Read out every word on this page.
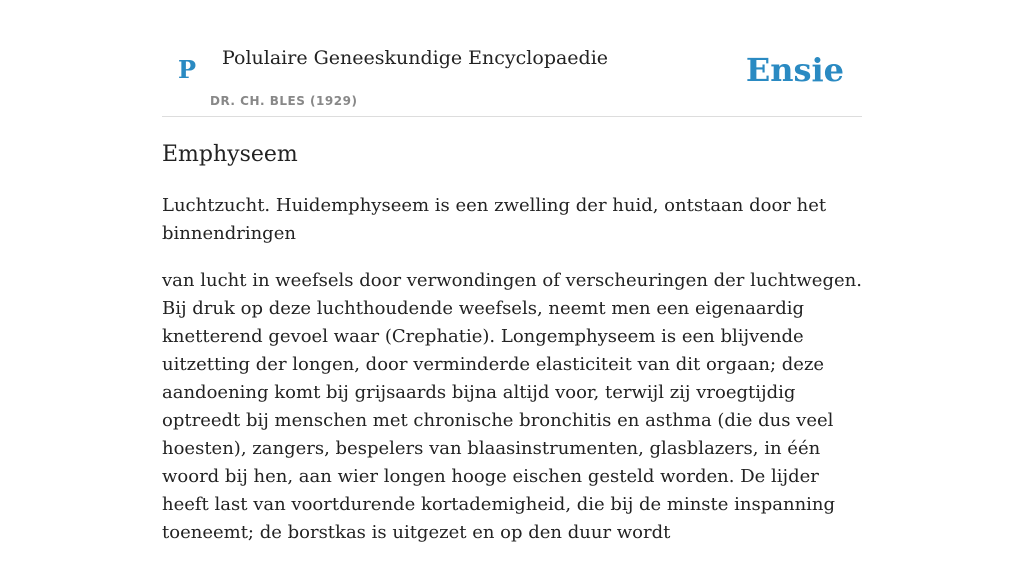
P Polulaire Geneeskundige Encyclopaedie
DR. CH. BLES (1929)
Ensie
Emphyseem

Luchtzucht. Huidemphyseem is een zwelling der huid, ontstaan door het binnendringen

van lucht in weefsels door verwondingen of verscheuringen der luchtwegen. Bij druk op deze luchthoudende weefsels, neemt men een eigenaardig knetterend gevoel waar (Crephatie). Longemphyseem is een blijvende uitzetting der longen, door verminderde elasticiteit van dit orgaan; deze aandoening komt bij grijsaards bijna altijd voor, terwijl zij vroegtijdig optreedt bij menschen met chronische bronchitis en asthma (die dus veel hoesten), zangers, bespelers van blaasinstrumenten, glasblazers, in één woord bij hen, aan wier longen hooge eischen gesteld worden. De lijder heeft last van voortdurende kortademigheid, die bij de minste inspanning toeneemt; de borstkas is uitgezet en op den duur wordt
